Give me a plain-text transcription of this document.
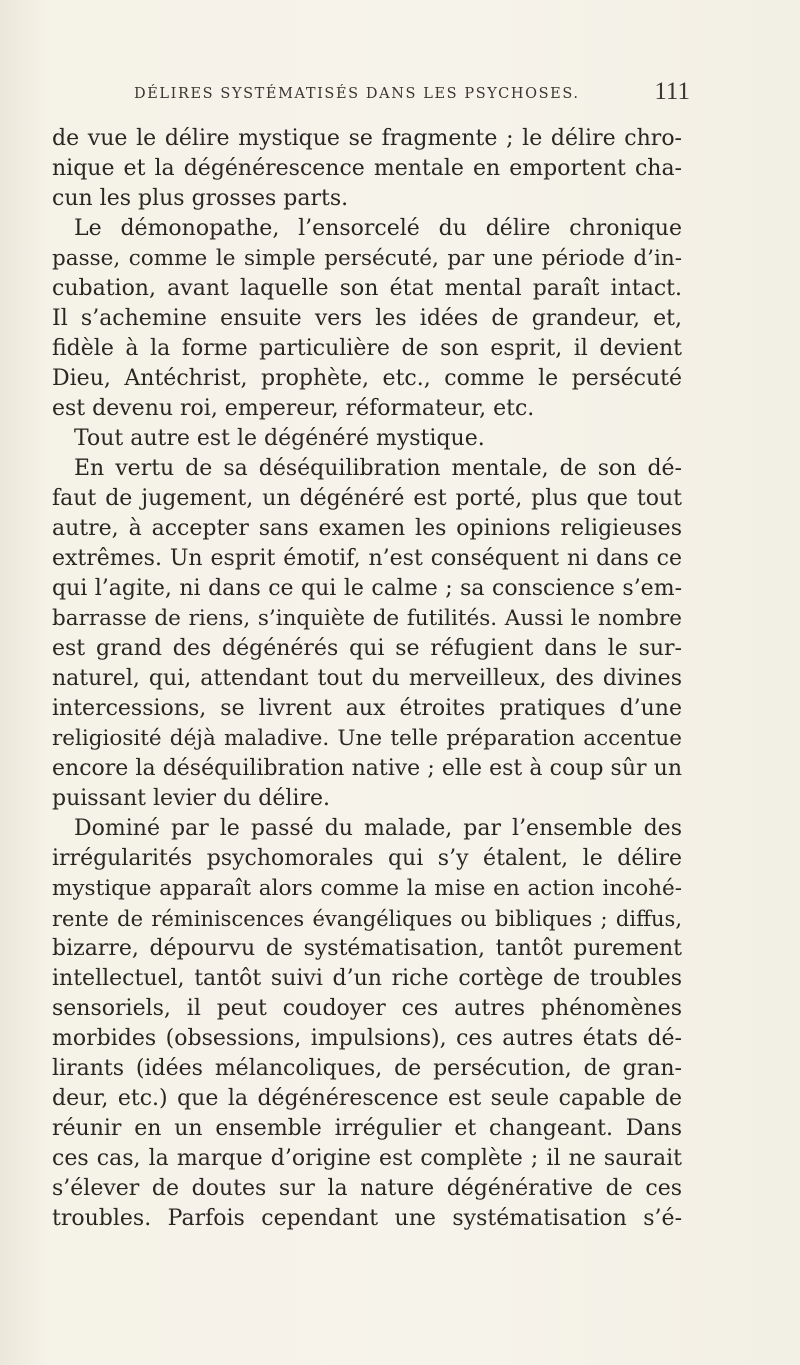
DÉLIRES SYSTÉMATISÉS DANS LES PSYCHOSES.	111
de vue le délire mystique se fragmente ; le délire chro-
nique et la dégénérescence mentale en emportent cha-
cun les plus grosses parts.
Le démonopathe, l’ensorcelé du délire chronique
passe, comme le simple persécuté, par une période d’in-
cubation, avant laquelle son état mental paraît intact.
Il s’achemine ensuite vers les idées de grandeur, et,
fidèle à la forme particulière de son esprit, il devient
Dieu, Antéchrist, prophète, etc., comme le persécuté
est devenu roi, empereur, réformateur, etc.
Tout autre est le dégénéré mystique.
En vertu de sa déséquilibration mentale, de son dé-
faut de jugement, un dégénéré est porté, plus que tout
autre, à accepter sans examen les opinions religieuses
extrêmes. Un esprit émotif, n’est conséquent ni dans ce
qui l’agite, ni dans ce qui le calme ; sa conscience s’em-
barrasse de riens, s’inquiète de futilités. Aussi le nombre
est grand des dégénérés qui se réfugient dans le sur-
naturel, qui, attendant tout du merveilleux, des divines
intercessions, se livrent aux étroites pratiques d’une
religiosité déjà maladive. Une telle préparation accentue
encore la déséquilibration native ; elle est à coup sûr un
puissant levier du délire.
Dominé par le passé du malade, par l’ensemble des
irrégularités psychomorales qui s’y étalent, le délire
mystique apparaît alors comme la mise en action incohé-
rente de réminiscences évangéliques ou bibliques ; diffus,
bizarre, dépourvu de systématisation, tantôt purement
intellectuel, tantôt suivi d’un riche cortège de troubles
sensoriels, il peut coudoyer ces autres phénomènes
morbides (obsessions, impulsions), ces autres états dé-
lirants (idées mélancoliques, de persécution, de gran-
deur, etc.) que la dégénérescence est seule capable de
réunir en un ensemble irrégulier et changeant. Dans
ces cas, la marque d’origine est complète ; il ne saurait
s’élever de doutes sur la nature dégénérative de ces
troubles. Parfois cependant une systématisation s’é-
